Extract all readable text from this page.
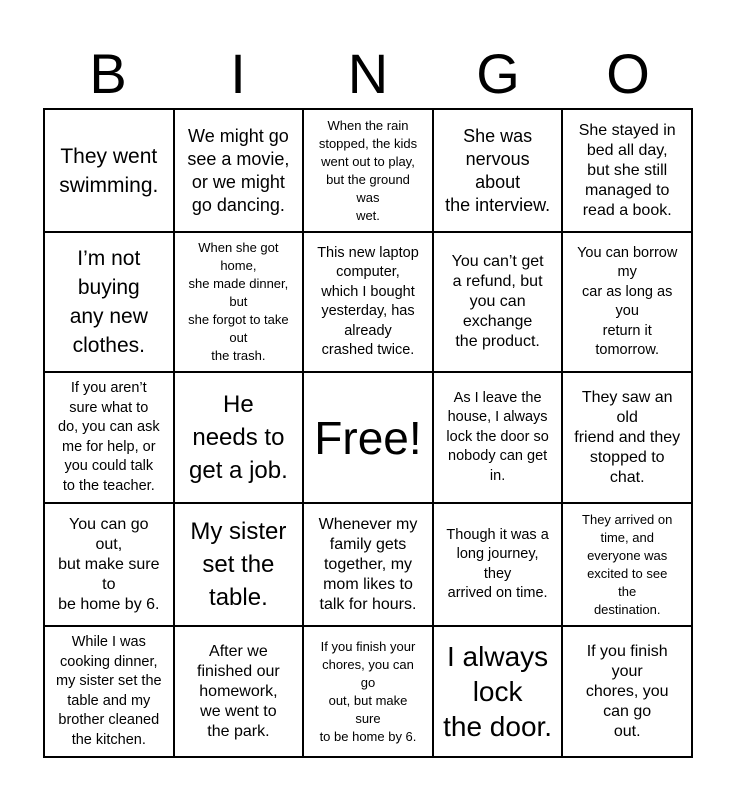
B	I	N	G	O
They went
swimming.
We might go
see a movie,
or we might
go dancing.
When the rain
stopped, the kids
went out to play,
but the ground
was
wet.
She was
nervous
about
the interview.
She stayed in
bed all day,
but she still
managed to
read a book.
I’m not
buying
any new
clothes.
When she got
home,
she made dinner,
but
she forgot to take
out
the trash.
This new laptop
computer,
which I bought
yesterday, has
already
crashed twice.
You can’t get
a refund, but
you can
exchange
the product.
You can borrow
my
car as long as
you
return it
tomorrow.
If you aren’t
sure what to
do, you can ask
me for help, or
you could talk
to the teacher.
He
needs to
get a job.
Free!
As I leave the
house, I always
lock the door so
nobody can get
in.
They saw an
old
friend and they
stopped to
chat.
You can go
out,
but make sure
to
be home by 6.
My sister
set the
table.
Whenever my
family gets
together, my
mom likes to
talk for hours.
Though it was a
long journey,
they
arrived on time.
They arrived on
time, and
everyone was
excited to see
the
destination.
While I was
cooking dinner,
my sister set the
table and my
brother cleaned
the kitchen.
After we
finished our
homework,
we went to
the park.
If you finish your
chores, you can
go
out, but make
sure
to be home by 6.
I always
lock
the door.
If you finish
your
chores, you
can go
out.
